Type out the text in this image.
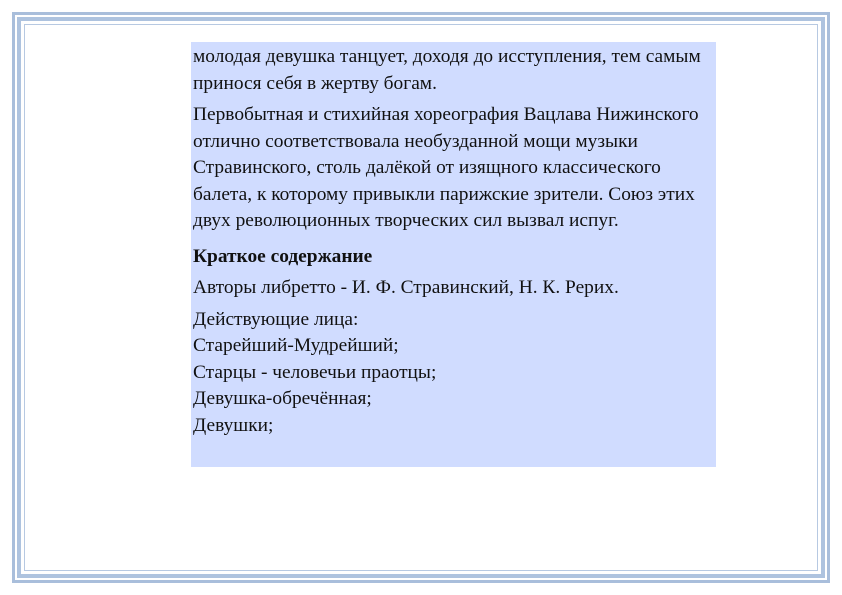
молодая девушка танцует, доходя до исступления, тем самым принося себя в жертву богам.

Первобытная и стихийная хореография Вацлава Нижинского отлично соответствовала необузданной мощи музыки Стравинского, столь далёкой от изящного классического балета, к которому привыкли парижские зрители. Союз этих двух революционных творческих сил вызвал испуг.

Краткое содержание

Авторы либретто - И. Ф. Стравинский, Н. К. Рерих.

Действующие лица:

Старейший-Мудрейший;

Старцы - человечьи праотцы;

Девушка-обречённая;

Девушки;
